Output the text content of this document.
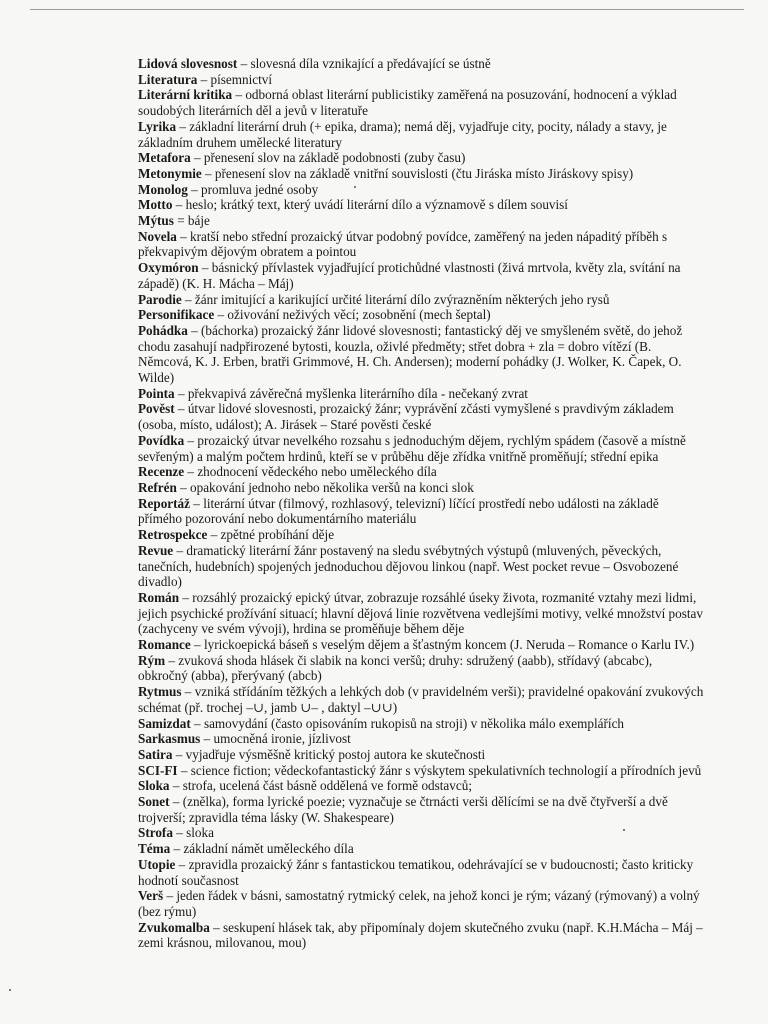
Lidová slovesnost – slovesná díla vznikající a předávající se ústně

Literatura – písemnictví

Literární kritika – odborná oblast literární publicistiky zaměřená na posuzování, hodnocení a výklad soudobých literárních děl a jevů v literatuře

Lyrika – základní literární druh (+ epika, drama); nemá děj, vyjadřuje city, pocity, nálady a stavy, je základním druhem umělecké literatury

Metafora – přenesení slov na základě podobnosti (zuby času)

Metonymie – přenesení slov na základě vnitřní souvislosti (čtu Jiráska místo Jiráskovy spisy)

Monolog – promluva jedné osoby

Motto – heslo; krátký text, který uvádí literární dílo a významově s dílem souvisí

Mýtus = báje

Novela – kratší nebo střední prozaický útvar podobný povídce, zaměřený na jeden nápaditý příběh s překvapivým dějovým obratem a pointou

Oxymóron – básnický přívlastek vyjadřující protichůdné vlastnosti (živá mrtvola, květy zla, svítání na západě) (K. H. Mácha – Máj)

Parodie – žánr imitující a karikující určité literární dílo zvýrazněním některých jeho rysů

Personifikace – oživování neživých věcí; zosobnění (mech šeptal)

Pohádka – (báchorka) prozaický žánr lidové slovesnosti; fantastický děj ve smyšleném světě, do jehož chodu zasahují nadpřirozené bytosti, kouzla, oživlé předměty; střet dobra + zla = dobro vítězí (B. Němcová, K. J. Erben, bratři Grimmové, H. Ch. Andersen); moderní pohádky (J. Wolker, K. Čapek, O. Wilde)

Pointa – překvapivá závěrečná myšlenka literárního díla - nečekaný zvrat

Pověst – útvar lidové slovesnosti, prozaický žánr; vyprávění zčásti vymyšlené s pravdivým základem (osoba, místo, událost); A. Jirásek – Staré pověsti české

Povídka – prozaický útvar nevelkého rozsahu s jednoduchým dějem, rychlým spádem (časově a místně sevřeným) a malým počtem hrdinů, kteří se v průběhu děje zřídka vnitřně proměňují; střední epika

Recenze – zhodnocení vědeckého nebo uměleckého díla

Refrén – opakování jednoho nebo několika veršů na konci slok

Reportáž – literární útvar (filmový, rozhlasový, televizní) líčící prostředí nebo události na základě přímého pozorování nebo dokumentárního materiálu

Retrospekce – zpětné probíhání děje

Revue – dramatický literární žánr postavený na sledu svébytných výstupů (mluvených, pěveckých, tanečních, hudebních) spojených jednoduchou dějovou linkou (např. West pocket revue – Osvobozené divadlo)

Román – rozsáhlý prozaický epický útvar, zobrazuje rozsáhlé úseky života, rozmanité vztahy mezi lidmi, jejich psychické prožívání situací; hlavní dějová linie rozvětvena vedlejšími motivy, velké množství postav (zachyceny ve svém vývoji), hrdina se proměňuje během děje

Romance – lyrickoepická báseň s veselým dějem a šťastným koncem (J. Neruda – Romance o Karlu IV.)

Rým – zvuková shoda hlásek či slabik na konci veršů; druhy: sdružený (aabb), střídavý (abcabc), obkročný (abba), přerývaný (abcb)

Rytmus – vzniká střídáním těžkých a lehkých dob (v pravidelném verši); pravidelné opakování zvukových schémat (př. trochej –∪, jamb ∪– , daktyl –∪∪)

Samizdat – samovydání (často opisováním rukopisů na stroji) v několika málo exemplářích

Sarkasmus – umocněná ironie, jízlivost

Satira – vyjadřuje výsměšně kritický postoj autora ke skutečnosti

SCI-FI – science fiction; vědeckofantastický žánr s výskytem spekulativních technologií a přírodních jevů

Sloka – strofa, ucelená část básně oddělená ve formě odstavců;

Sonet – (znělka), forma lyrické poezie; vyznačuje se čtrnácti verši dělícími se na dvě čtyřverší a dvě trojverší; zpravidla téma lásky (W. Shakespeare)

Strofa – sloka

Téma – základní námět uměleckého díla

Utopie – zpravidla prozaický žánr s fantastickou tematikou, odehrávající se v budoucnosti; často kriticky hodnotí současnost

Verš – jeden řádek v básni, samostatný rytmický celek, na jehož konci je rým; vázaný (rýmovaný) a volný (bez rýmu)

Zvukomalba – seskupení hlásek tak, aby připomínaly dojem skutečného zvuku (např. K.H.Mácha – Máj – zemi krásnou, milovanou, mou)
